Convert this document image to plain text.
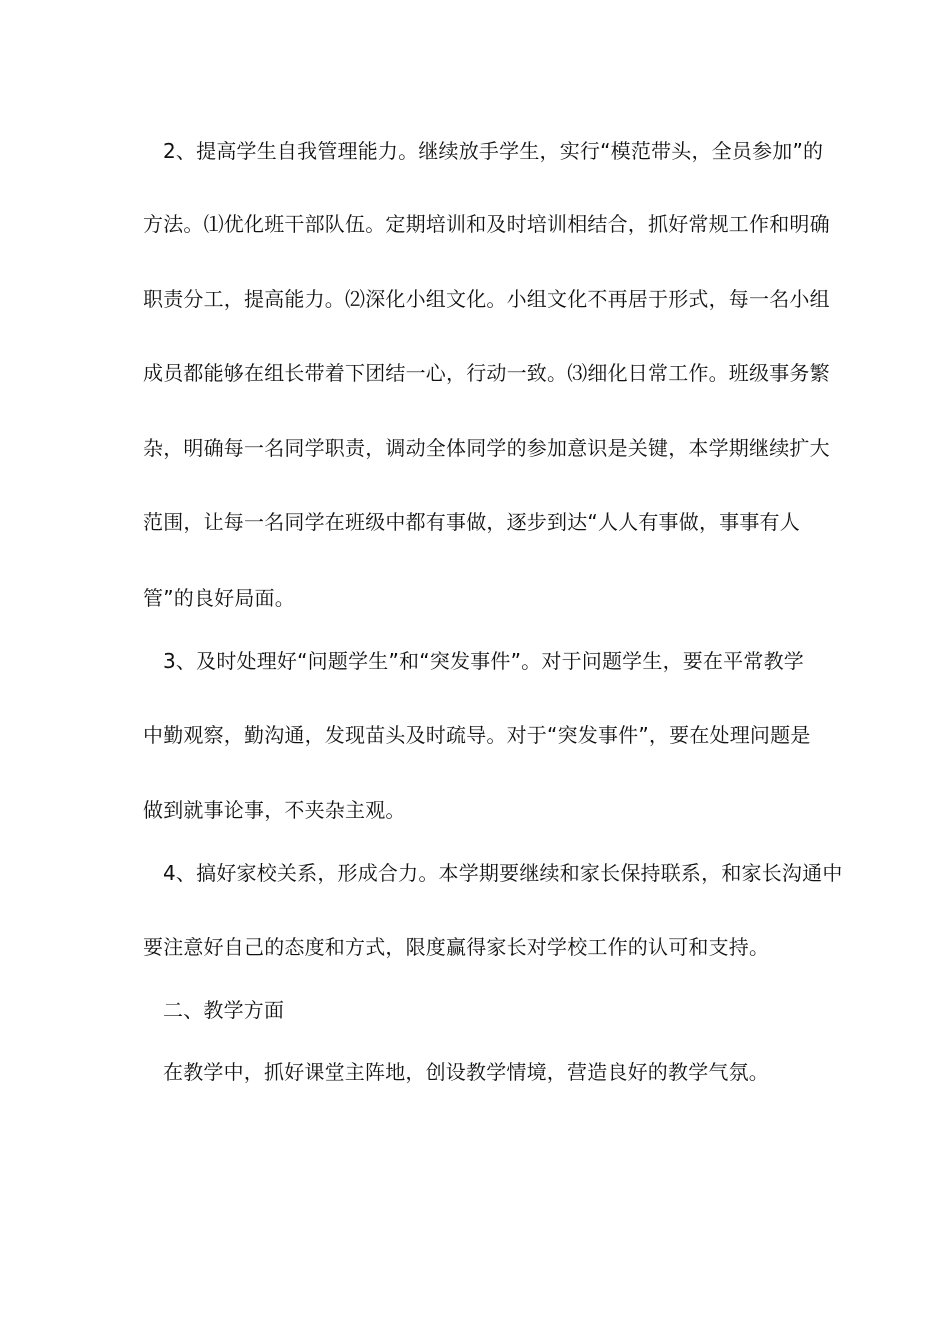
2、提高学生自我管理能力。继续放手学生，实行“模范带头，全员参加”的
方法。⑴优化班干部队伍。定期培训和及时培训相结合，抓好常规工作和明确
职责分工，提高能力。⑵深化小组文化。小组文化不再居于形式，每一名小组
成员都能够在组长带着下团结一心，行动一致。⑶细化日常工作。班级事务繁
杂，明确每一名同学职责，调动全体同学的参加意识是关键，本学期继续扩大
范围，让每一名同学在班级中都有事做，逐步到达“人人有事做，事事有人
管”的良好局面。
3、及时处理好“问题学生”和“突发事件”。对于问题学生，要在平常教学
中勤观察，勤沟通，发现苗头及时疏导。对于“突发事件”，要在处理问题是
做到就事论事，不夹杂主观。
4、搞好家校关系，形成合力。本学期要继续和家长保持联系，和家长沟通中
要注意好自己的态度和方式，限度赢得家长对学校工作的认可和支持。
二、教学方面
在教学中，抓好课堂主阵地，创设教学情境，营造良好的教学气氛。
